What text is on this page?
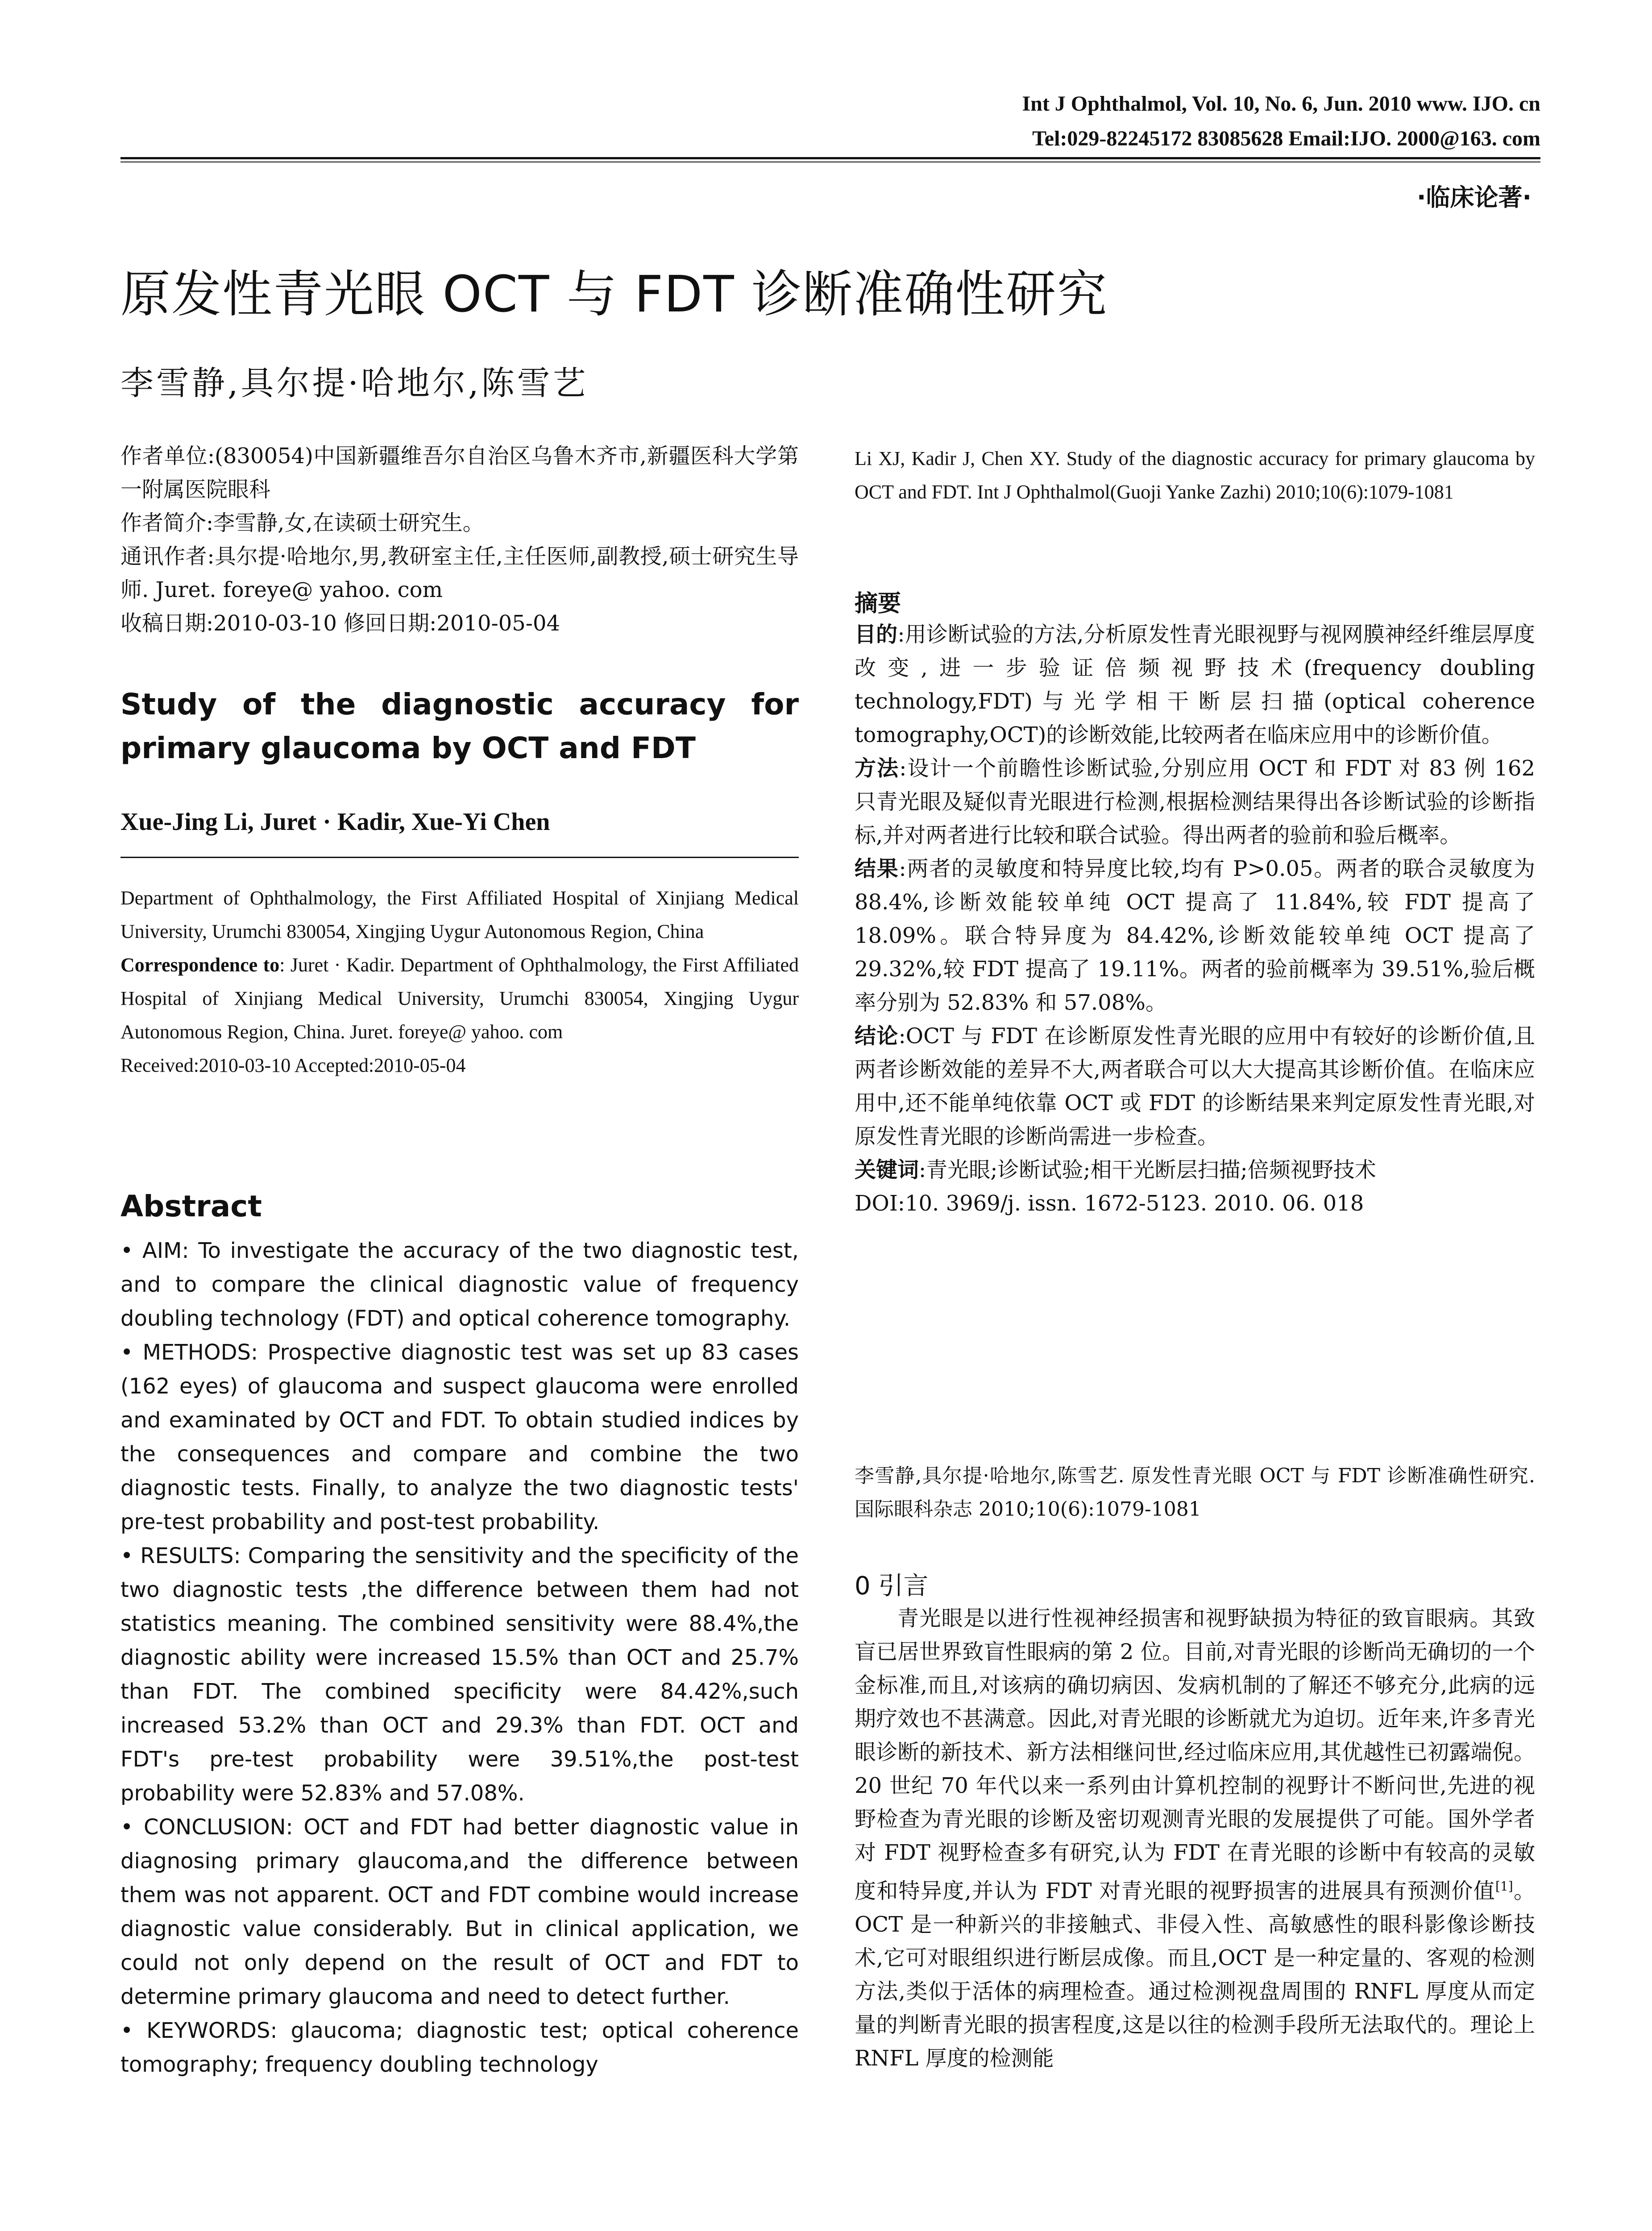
Int J Ophthalmol, Vol. 10, No. 6, Jun. 2010 www. IJO. cn
Tel:029-82245172 83085628 Email:IJO. 2000@163. com
·临床论著·
原发性青光眼 OCT 与 FDT 诊断准确性研究
李雪静,具尔提·哈地尔,陈雪艺

作者单位:(830054)中国新疆维吾尔自治区乌鲁木齐市,新疆医科大学第一附属医院眼科

作者简介:李雪静,女,在读硕士研究生。

通讯作者:具尔提·哈地尔,男,教研室主任,主任医师,副教授,硕士研究生导师. Juret. foreye@ yahoo. com

收稿日期:2010-03-10 修回日期:2010-05-04

Study of the diagnostic accuracy for primary glaucoma by OCT and FDT
Xue-Jing Li, Juret · Kadir, Xue-Yi Chen

Department of Ophthalmology, the First Affiliated Hospital of Xinjiang Medical University, Urumchi 830054, Xingjing Uygur Autonomous Region, China

Correspondence to: Juret · Kadir. Department of Ophthalmology, the First Affiliated Hospital of Xinjiang Medical University, Urumchi 830054, Xingjing Uygur Autonomous Region, China. Juret. foreye@ yahoo. com

Received:2010-03-10 Accepted:2010-05-04

Abstract

• AIM: To investigate the accuracy of the two diagnostic test, and to compare the clinical diagnostic value of frequency doubling technology (FDT) and optical coherence tomography.

• METHODS: Prospective diagnostic test was set up 83 cases (162 eyes) of glaucoma and suspect glaucoma were enrolled and examinated by OCT and FDT. To obtain studied indices by the consequences and compare and combine the two diagnostic tests. Finally, to analyze the two diagnostic tests' pre-test probability and post-test probability.

• RESULTS: Comparing the sensitivity and the specificity of the two diagnostic tests ,the difference between them had not statistics meaning. The combined sensitivity were 88.4%,the diagnostic ability were increased 15.5% than OCT and 25.7% than FDT. The combined specificity were 84.42%,such increased 53.2% than OCT and 29.3% than FDT. OCT and FDT's pre-test probability were 39.51%,the post-test probability were 52.83% and 57.08%.

• CONCLUSION: OCT and FDT had better diagnostic value in diagnosing primary glaucoma,and the difference between them was not apparent. OCT and FDT combine would increase diagnostic value considerably. But in clinical application, we could not only depend on the result of OCT and FDT to determine primary glaucoma and need to detect further.

• KEYWORDS: glaucoma; diagnostic test; optical coherence tomography; frequency doubling technology

Li XJ, Kadir J, Chen XY. Study of the diagnostic accuracy for primary glaucoma by OCT and FDT. Int J Ophthalmol(Guoji Yanke Zazhi) 2010;10(6):1079-1081
摘要

目的:用诊断试验的方法,分析原发性青光眼视野与视网膜神经纤维层厚度改变,进一步验证倍频视野技术(frequency doubling technology,FDT)与光学相干断层扫描(optical coherence tomography,OCT)的诊断效能,比较两者在临床应用中的诊断价值。

方法:设计一个前瞻性诊断试验,分别应用 OCT 和 FDT 对 83 例 162 只青光眼及疑似青光眼进行检测,根据检测结果得出各诊断试验的诊断指标,并对两者进行比较和联合试验。得出两者的验前和验后概率。

结果:两者的灵敏度和特异度比较,均有 P>0.05。两者的联合灵敏度为 88.4%,诊断效能较单纯 OCT 提高了 11.84%,较 FDT 提高了 18.09%。联合特异度为 84.42%,诊断效能较单纯 OCT 提高了 29.32%,较 FDT 提高了 19.11%。两者的验前概率为 39.51%,验后概率分别为 52.83% 和 57.08%。

结论:OCT 与 FDT 在诊断原发性青光眼的应用中有较好的诊断价值,且两者诊断效能的差异不大,两者联合可以大大提高其诊断价值。在临床应用中,还不能单纯依靠 OCT 或 FDT 的诊断结果来判定原发性青光眼,对原发性青光眼的诊断尚需进一步检查。

关键词:青光眼;诊断试验;相干光断层扫描;倍频视野技术

DOI:10. 3969/j. issn. 1672-5123. 2010. 06. 018

李雪静,具尔提·哈地尔,陈雪艺. 原发性青光眼 OCT 与 FDT 诊断准确性研究. 国际眼科杂志 2010;10(6):1079-1081
0 引言

青光眼是以进行性视神经损害和视野缺损为特征的致盲眼病。其致盲已居世界致盲性眼病的第 2 位。目前,对青光眼的诊断尚无确切的一个金标准,而且,对该病的确切病因、发病机制的了解还不够充分,此病的远期疗效也不甚满意。因此,对青光眼的诊断就尤为迫切。近年来,许多青光眼诊断的新技术、新方法相继问世,经过临床应用,其优越性已初露端倪。20 世纪 70 年代以来一系列由计算机控制的视野计不断问世,先进的视野检查为青光眼的诊断及密切观测青光眼的发展提供了可能。国外学者对 FDT 视野检查多有研究,认为 FDT 在青光眼的诊断中有较高的灵敏度和特异度,并认为 FDT 对青光眼的视野损害的进展具有预测价值[1]。OCT 是一种新兴的非接触式、非侵入性、高敏感性的眼科影像诊断技术,它可对眼组织进行断层成像。而且,OCT 是一种定量的、客观的检测方法,类似于活体的病理检查。通过检测视盘周围的 RNFL 厚度从而定量的判断青光眼的损害程度,这是以往的检测手段所无法取代的。理论上 RNFL 厚度的检测能
